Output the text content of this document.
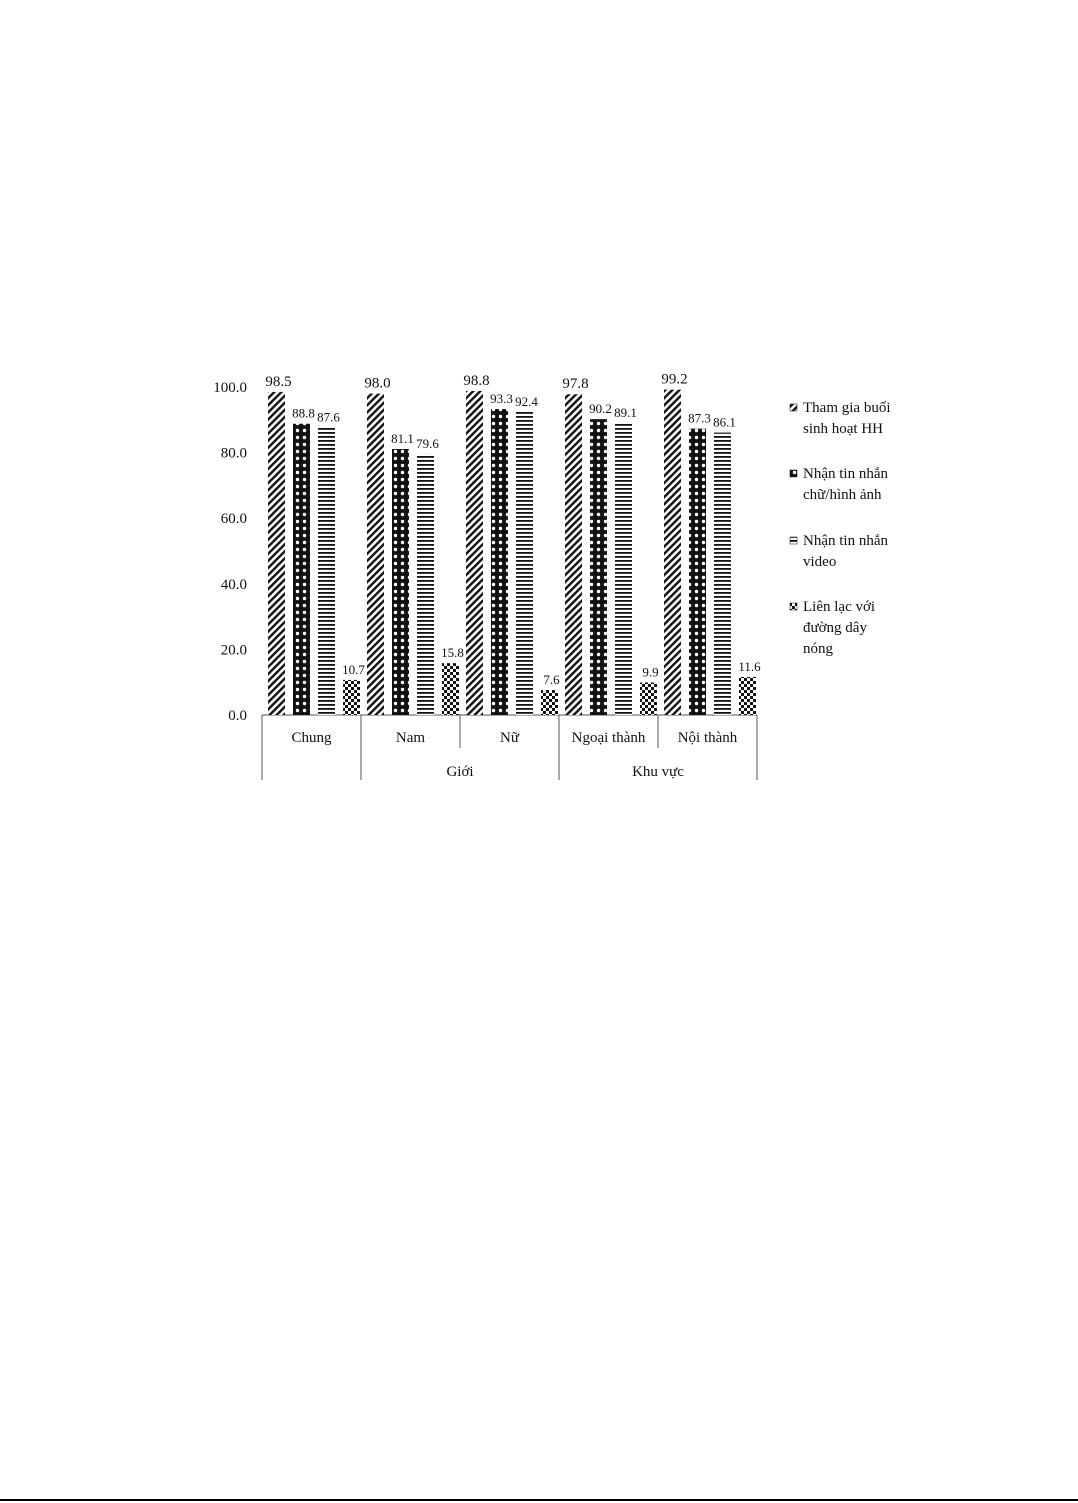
0.0
20.0
40.0
60.0
80.0
100.0 98.5
88.8 87.6
10.7
Chung
98.0
81.1 79.6
15.8
Nam
98.8
93.3 92.4
7.6
Nữ
97.8
90.2 89.1
9.9
Ngoại thành
99.2
87.3 86.1
11.6
Nội thành
Giới	Khu vực
Tham gia buổi
sinh hoạt HH
Nhận tin nhắn
chữ/hình ảnh
Nhận tin nhắn
video
Liên lạc với
đường dây
nóng
